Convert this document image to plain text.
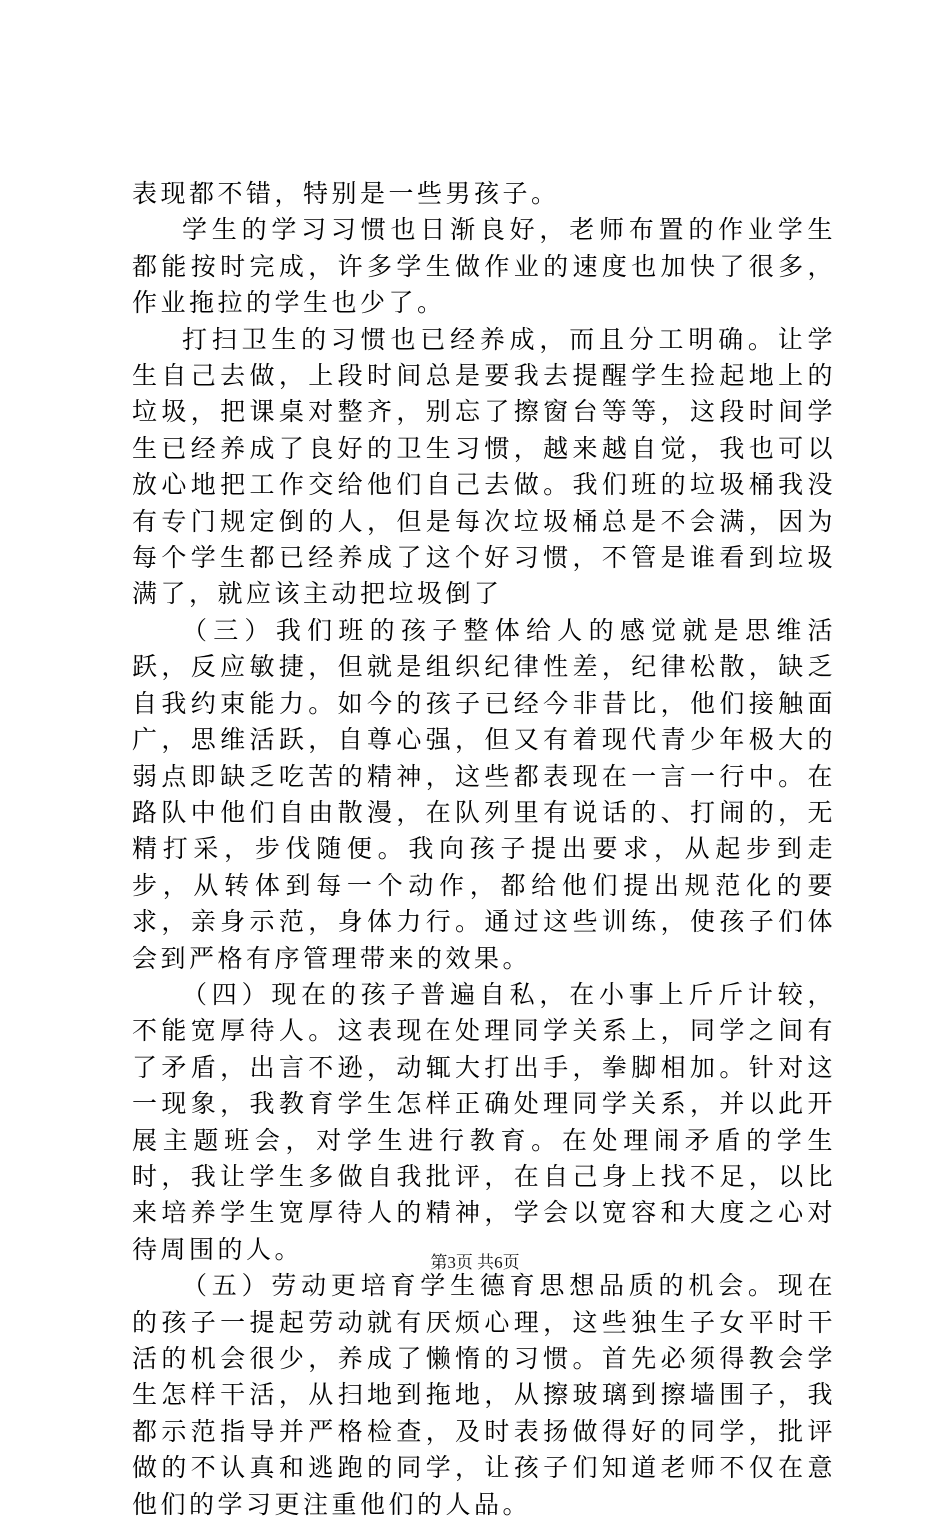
表现都不错，特别是一些男孩子。

学生的学习习惯也日渐良好，老师布置的作业学生都能按时完成，许多学生做作业的速度也加快了很多，作业拖拉的学生也少了。

打扫卫生的习惯也已经养成，而且分工明确。让学生自己去做，上段时间总是要我去提醒学生捡起地上的垃圾，把课桌对整齐，别忘了擦窗台等等，这段时间学生已经养成了良好的卫生习惯，越来越自觉，我也可以放心地把工作交给他们自己去做。我们班的垃圾桶我没有专门规定倒的人，但是每次垃圾桶总是不会满，因为每个学生都已经养成了这个好习惯，不管是谁看到垃圾满了，就应该主动把垃圾倒了

（三）我们班的孩子整体给人的感觉就是思维活跃，反应敏捷，但就是组织纪律性差，纪律松散，缺乏自我约束能力。如今的孩子已经今非昔比，他们接触面广，思维活跃，自尊心强，但又有着现代青少年极大的弱点即缺乏吃苦的精神，这些都表现在一言一行中。在路队中他们自由散漫，在队列里有说话的、打闹的，无精打采，步伐随便。我向孩子提出要求，从起步到走步，从转体到每一个动作，都给他们提出规范化的要求，亲身示范，身体力行。通过这些训练，使孩子们体会到严格有序管理带来的效果。

（四）现在的孩子普遍自私，在小事上斤斤计较，不能宽厚待人。这表现在处理同学关系上，同学之间有了矛盾，出言不逊，动辄大打出手，拳脚相加。针对这一现象，我教育学生怎样正确处理同学关系，并以此开展主题班会，对学生进行教育。在处理闹矛盾的学生时，我让学生多做自我批评，在自己身上找不足，以比来培养学生宽厚待人的精神，学会以宽容和大度之心对待周围的人。

（五）劳动更培育学生德育思想品质的机会。现在的孩子一提起劳动就有厌烦心理，这些独生子女平时干活的机会很少，养成了懒惰的习惯。首先必须得教会学生怎样干活，从扫地到拖地，从擦玻璃到擦墙围子，我都示范指导并严格检查，及时表扬做得好的同学，批评做的不认真和逃跑的同学，让孩子们知道老师不仅在意他们的学习更注重他们的人品。

第3页 共6页
